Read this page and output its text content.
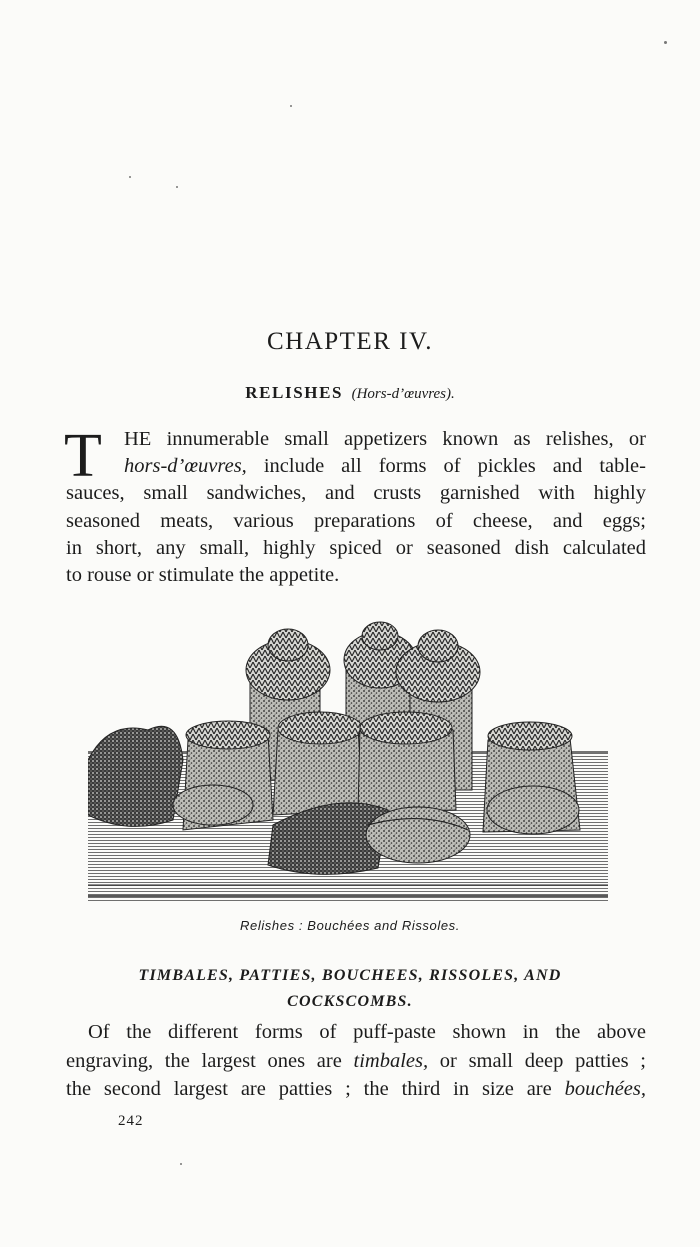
CHAPTER IV.
RELISHES (Hors-d’œuvres).
T HE innumerable small appetizers known as relishes, or
hors-d’œuvres, include all forms of pickles and table-
sauces, small sandwiches, and crusts garnished with highly
seasoned meats, various preparations of cheese, and eggs;
in short, any small, highly spiced or seasoned dish calculated
to rouse or stimulate the appetite.
Relishes : Bouchées and Rissoles.
TIMBALES, PATTIES, BOUCHEES, RISSOLES, AND
COCKSCOMBS.
Of the different forms of puff-paste shown in the above
engraving, the largest ones are timbales, or small deep patties ;
the second largest are patties ; the third in size are bouchées,
242
